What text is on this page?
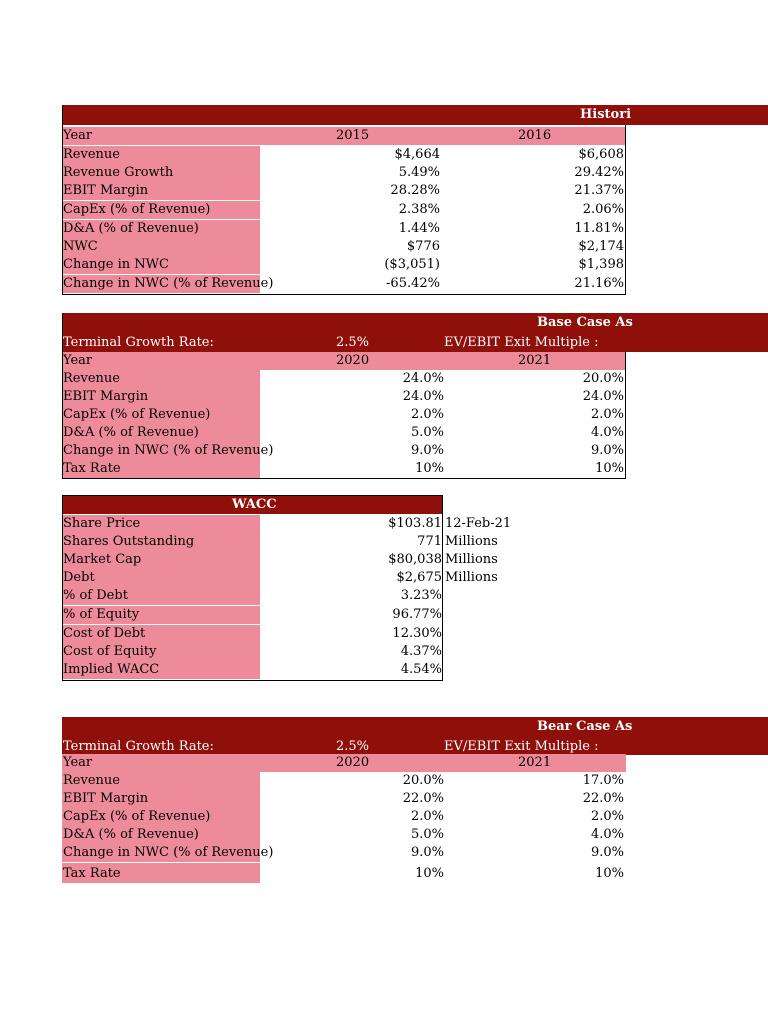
Histori
Year	2015	2016
Revenue	$4,664	$6,608
Revenue Growth	5.49%	29.42%
EBIT Margin	28.28%	21.37%
CapEx (% of Revenue)	2.38%	2.06%
D&A (% of Revenue)	1.44%	11.81%
NWC	$776	$2,174
Change in NWC	($3,051)	$1,398
Change in NWC (% of Revenue)	-65.42%	21.16%
Base Case As
Terminal Growth Rate:	2.5%	EV/EBIT Exit Multiple :
Year	2020	2021
Revenue	24.0%	20.0%
EBIT Margin	24.0%	24.0%
CapEx (% of Revenue)	2.0%	2.0%
D&A (% of Revenue)	5.0%	4.0%
Change in NWC (% of Revenue)	9.0%	9.0%
Tax Rate	10%	10%
WACC
Share Price	$103.81 12-Feb-21
Shares Outstanding	771 Millions
Market Cap	$80,038 Millions
Debt	$2,675 Millions
% of Debt	3.23%
% of Equity	96.77%
Cost of Debt	12.30%
Cost of Equity	4.37%
Implied WACC	4.54%
Bear Case As
Terminal Growth Rate:	2.5%	EV/EBIT Exit Multiple :
Year	2020	2021
Revenue	20.0%	17.0%
EBIT Margin	22.0%	22.0%
CapEx (% of Revenue)	2.0%	2.0%
D&A (% of Revenue)	5.0%	4.0%
Change in NWC (% of Revenue)	9.0%	9.0%
Tax Rate	10%	10%
